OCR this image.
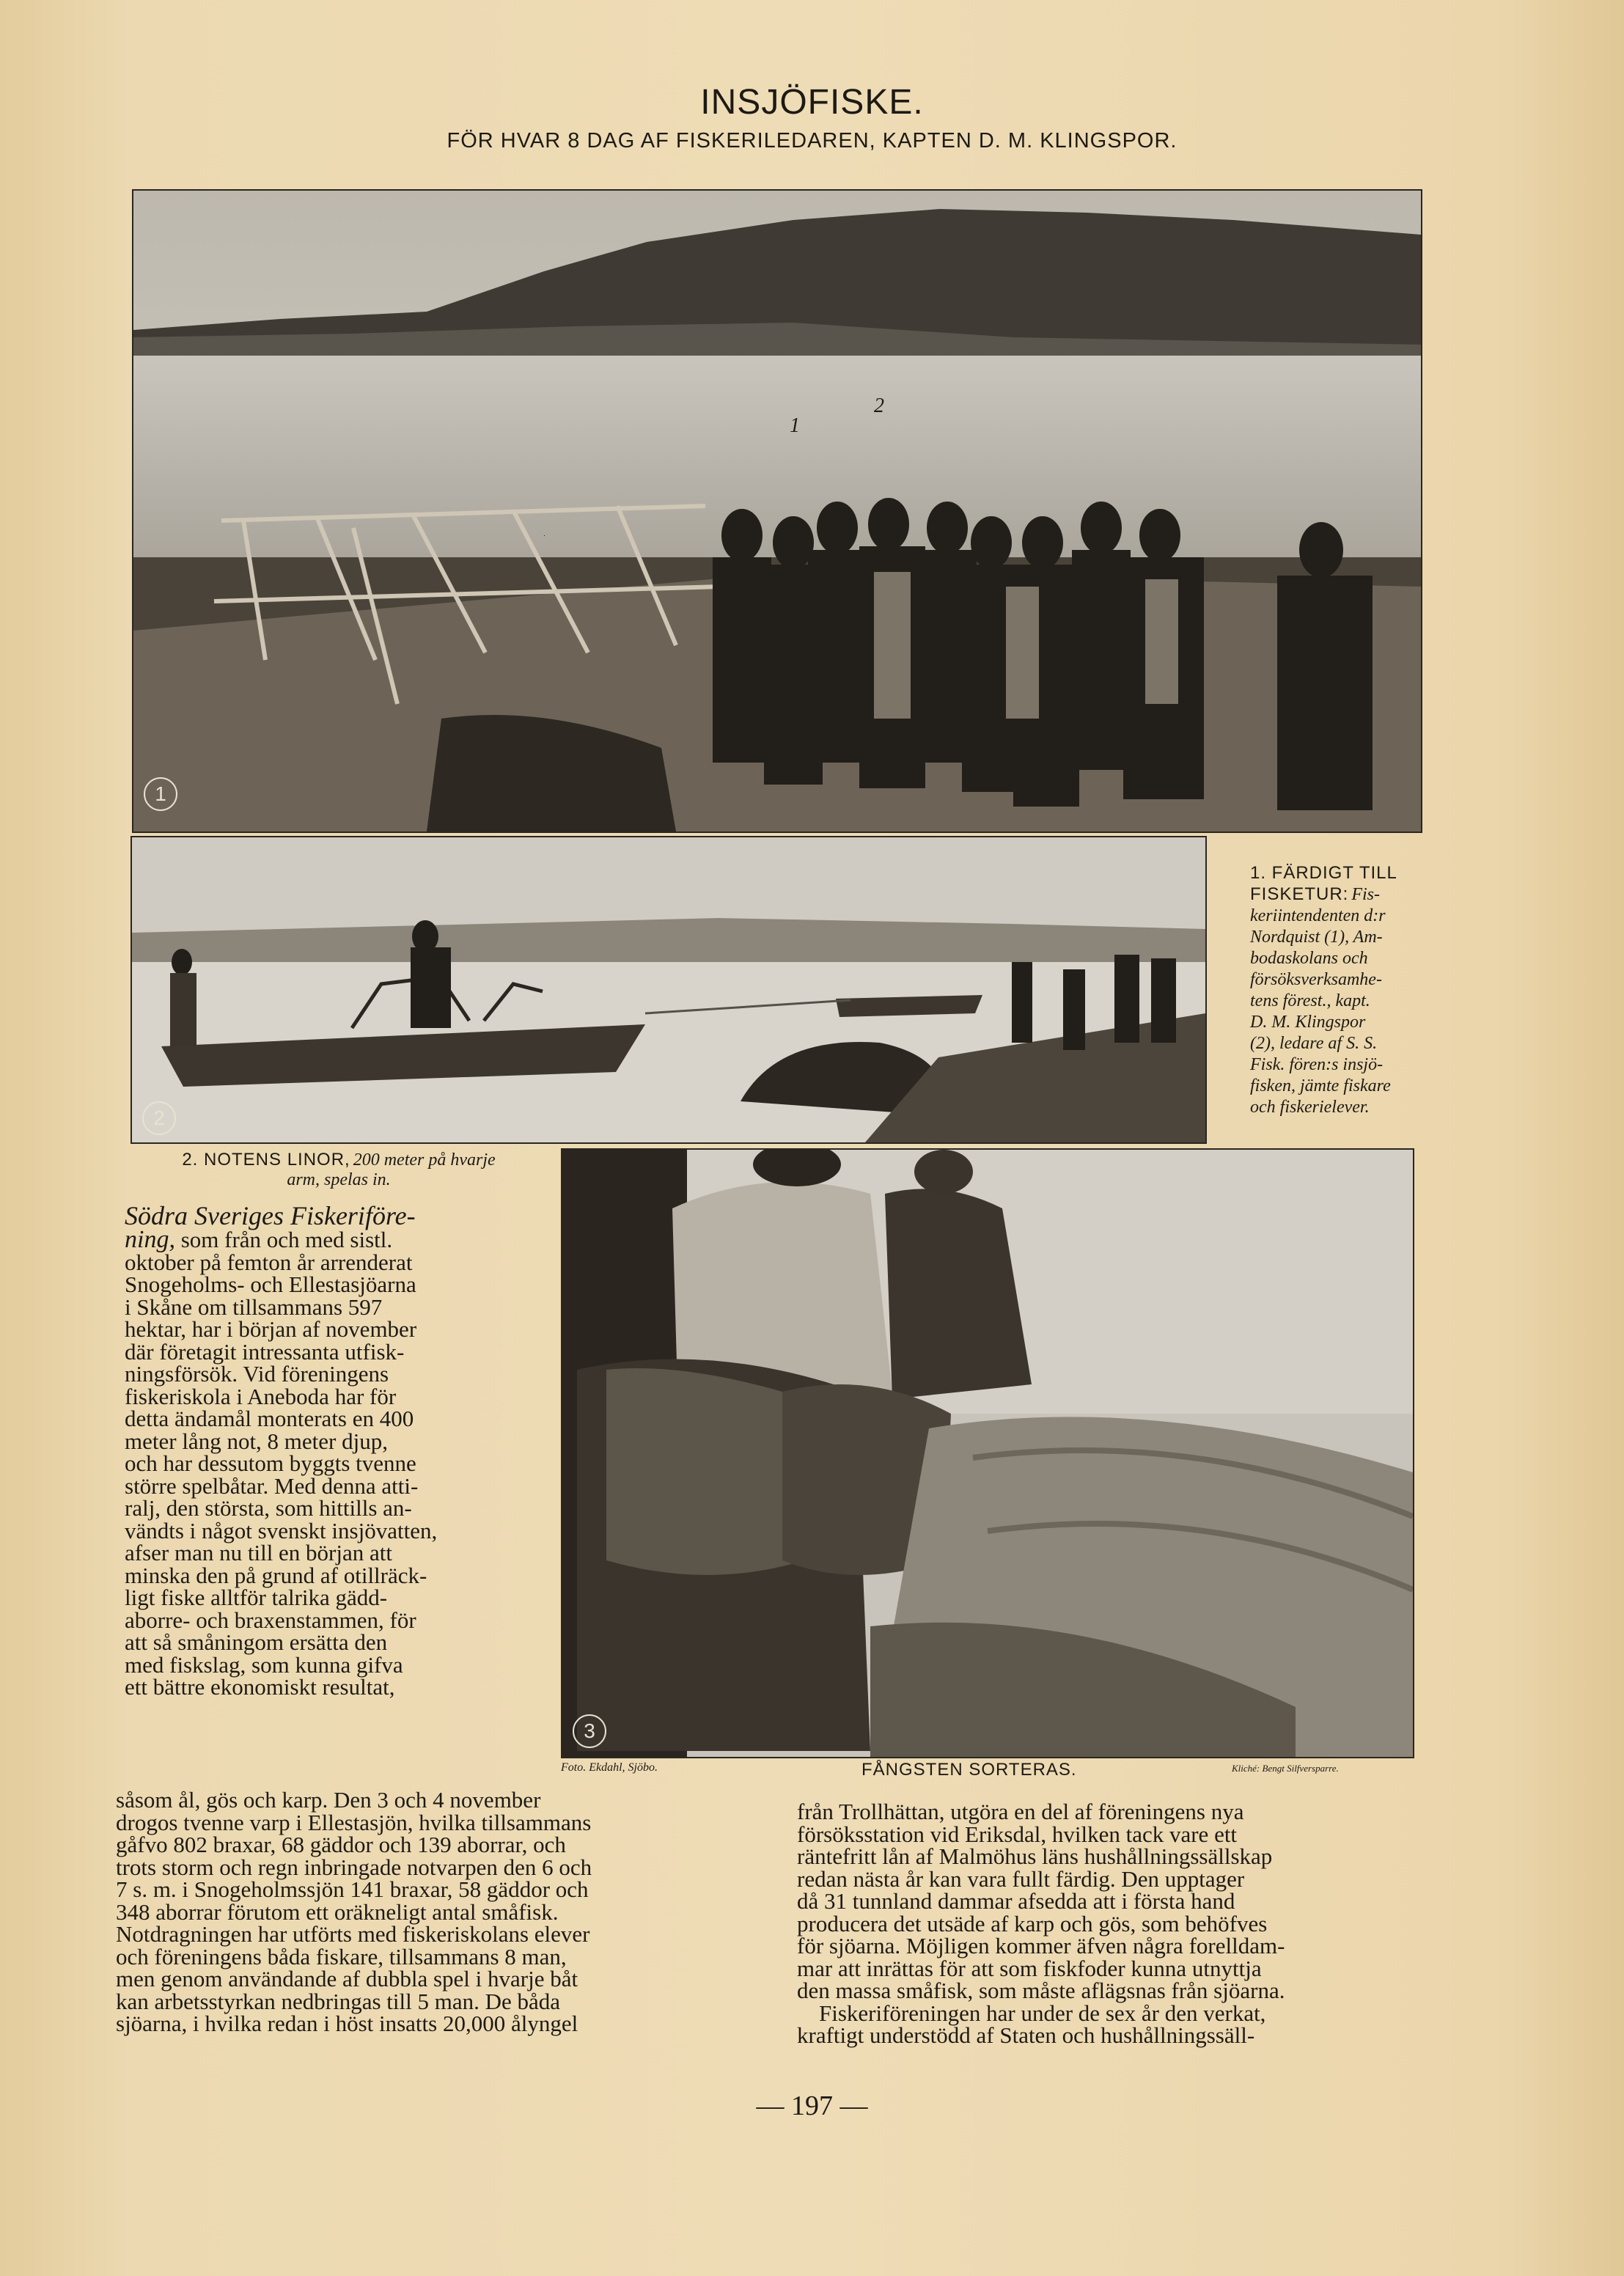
INSJÖFISKE.
FÖR HVAR 8 DAG AF FISKERILEDAREN, KAPTEN D. M. KLINGSPOR.
1
2
1
2
1. FÄRDIGT TILL FISKETUR: Fis-
keriintendenten d:r
Nordquist (1), Am-
bodaskolans och
försöksverksamhe-
tens förest., kapt.
D. M. Klingspor
(2), ledare af S. S.
Fisk. fören:s insjö-
fisken, jämte fiskare
och fiskerielever.
2. NOTENS LINOR, 200 meter på hvarje
arm, spelas in.
3
Foto. Ekdahl, Sjöbo.	FÅNGSTEN SORTERAS.	Kliché: Bengt Silfversparre.

Södra Sveriges Fiskeriföre-

ning, som från och med sistl.

oktober på femton år arrenderat

Snogeholms- och Ellestasjöarna

i Skåne om tillsammans 597

hektar, har i början af november

där företagit intressanta utfisk-

ningsförsök. Vid föreningens

fiskeriskola i Aneboda har för

detta ändamål monterats en 400

meter lång not, 8 meter djup,

och har dessutom byggts tvenne

större spelbåtar. Med denna atti-

ralj, den största, som hittills an-

vändts i något svenskt insjövatten,

afser man nu till en början att

minska den på grund af otillräck-

ligt fiske alltför talrika gädd-

aborre- och braxenstammen, för

att så småningom ersätta den

med fiskslag, som kunna gifva

ett bättre ekonomiskt resultat,

såsom ål, gös och karp. Den 3 och 4 november

drogos tvenne varp i Ellestasjön, hvilka tillsammans

gåfvo 802 braxar, 68 gäddor och 139 aborrar, och

trots storm och regn inbringade notvarpen den 6 och

7 s. m. i Snogeholmssjön 141 braxar, 58 gäddor och

348 aborrar förutom ett oräkneligt antal småfisk.

Notdragningen har utförts med fiskeriskolans elever

och föreningens båda fiskare, tillsammans 8 man,

men genom användande af dubbla spel i hvarje båt

kan arbetsstyrkan nedbringas till 5 man. De båda

sjöarna, i hvilka redan i höst insatts 20,000 ålyngel

från Trollhättan, utgöra en del af föreningens nya

försöksstation vid Eriksdal, hvilken tack vare ett

räntefritt lån af Malmöhus läns hushållningssällskap

redan nästa år kan vara fullt färdig. Den upptager

då 31 tunnland dammar afsedda att i första hand

producera det utsäde af karp och gös, som behöfves

för sjöarna. Möjligen kommer äfven några forelldam-

mar att inrättas för att som fiskfoder kunna utnyttja

den massa småfisk, som måste aflägsnas från sjöarna.

Fiskeriföreningen har under de sex år den verkat,

kraftigt understödd af Staten och hushållningssäll-

— 197 —
